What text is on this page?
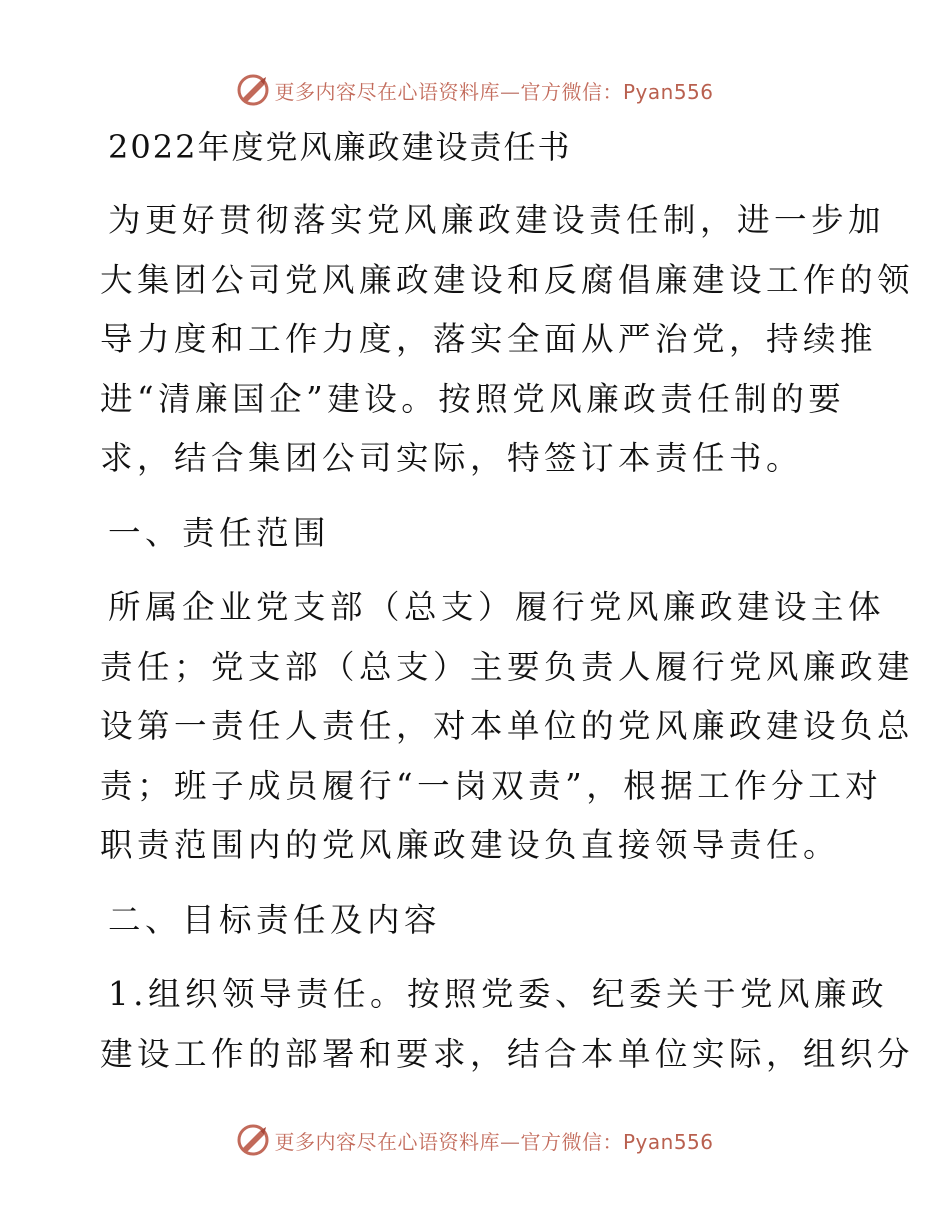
更多内容尽在心语资料库—官方微信：Pyan556
2022年度党风廉政建设责任书

为更好贯彻落实党风廉政建设责任制，进一步加

大集团公司党风廉政建设和反腐倡廉建设工作的领

导力度和工作力度，落实全面从严治党，持续推

进“清廉国企”建设。按照党风廉政责任制的要

求，结合集团公司实际，特签订本责任书。

一、责任范围

所属企业党支部（总支）履行党风廉政建设主体

责任；党支部（总支）主要负责人履行党风廉政建

设第一责任人责任，对本单位的党风廉政建设负总

责；班子成员履行“一岗双责”，根据工作分工对

职责范围内的党风廉政建设负直接领导责任。

二、目标责任及内容

1.组织领导责任。按照党委、纪委关于党风廉政

建设工作的部署和要求，结合本单位实际，组织分

更多内容尽在心语资料库—官方微信：Pyan556
